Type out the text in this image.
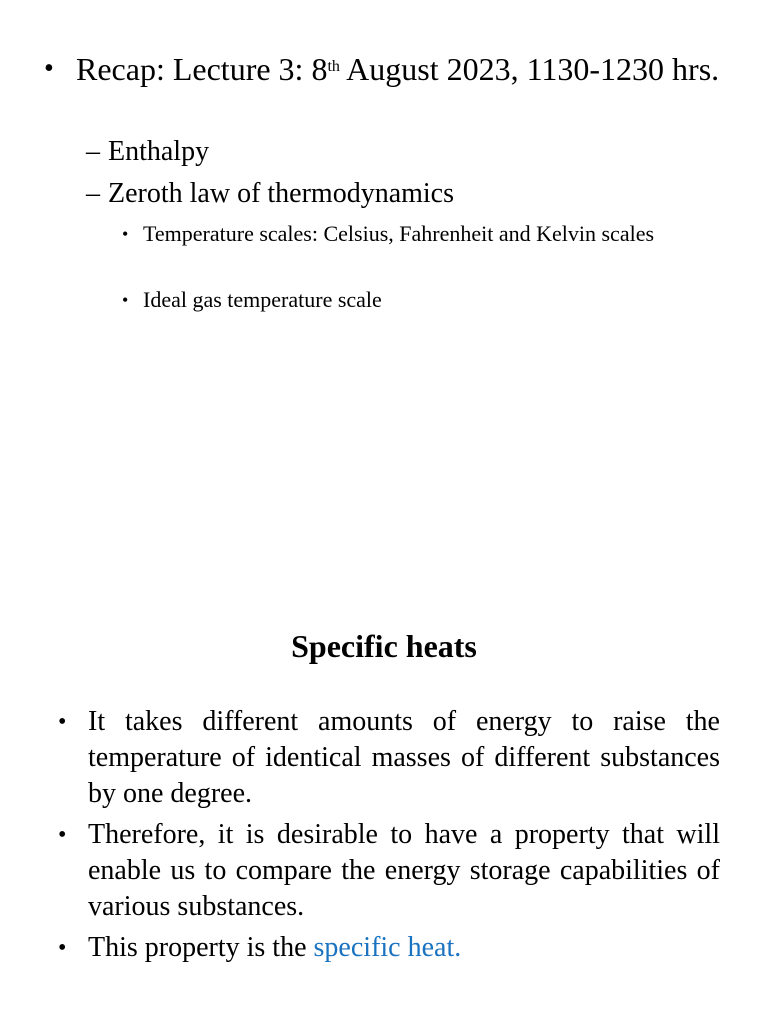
• Recap: Lecture 3: 8th August 2023, 1130-1230 hrs.
– Enthalpy
– Zeroth law of thermodynamics
• Temperature scales: Celsius, Fahrenheit and Kelvin scales
• Ideal gas temperature scale
Specific heats
• It takes different amounts of energy to raise the temperature of identical masses of different substances by one degree.
• Therefore, it is desirable to have a property that will enable us to compare the energy storage capabilities of various substances.
• This property is the specific heat.
